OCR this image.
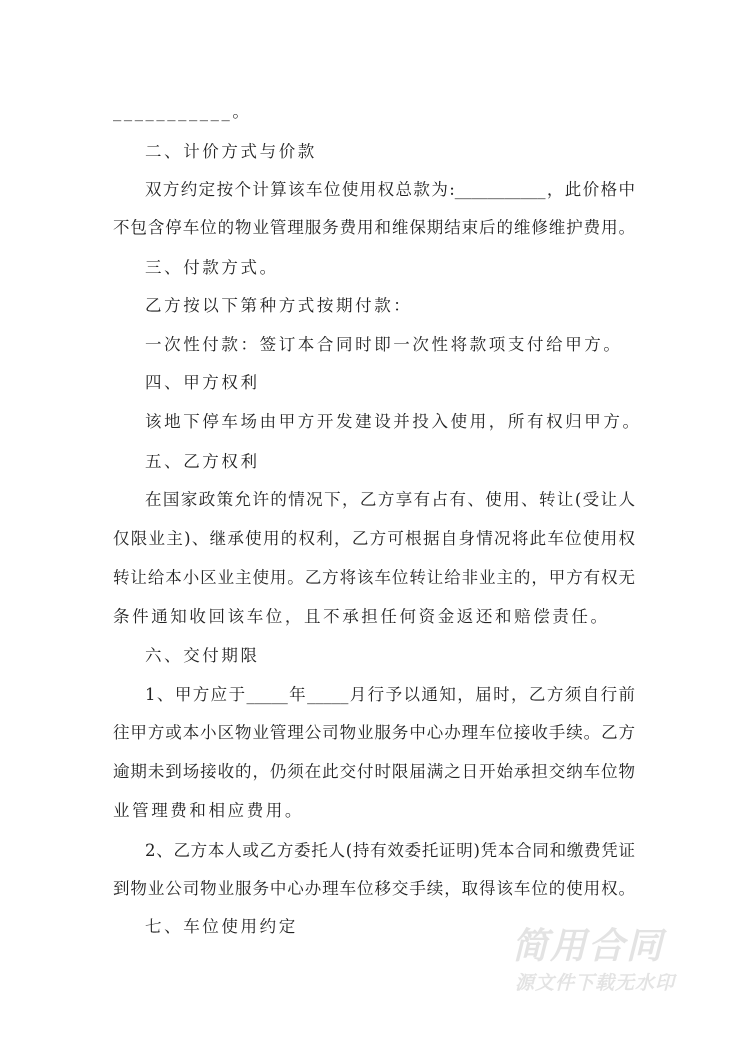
___________。
二、计价方式与价款
双方约定按个计算该车位使用权总款为:___________，此价格中
不包含停车位的物业管理服务费用和维保期结束后的维修维护费用。
三、付款方式。
乙方按以下第种方式按期付款：
一次性付款：签订本合同时即一次性将款项支付给甲方。
四、甲方权利
该地下停车场由甲方开发建设并投入使用，所有权归甲方。
五、乙方权利
在国家政策允许的情况下，乙方享有占有、使用、转让(受让人
仅限业主)、继承使用的权利，乙方可根据自身情况将此车位使用权
转让给本小区业主使用。乙方将该车位转让给非业主的，甲方有权无
条件通知收回该车位，且不承担任何资金返还和赔偿责任。
六、交付期限
1、甲方应于_____年_____月行予以通知，届时，乙方须自行前
往甲方或本小区物业管理公司物业服务中心办理车位接收手续。乙方
逾期未到场接收的，仍须在此交付时限届满之日开始承担交纳车位物
业管理费和相应费用。
2、乙方本人或乙方委托人(持有效委托证明)凭本合同和缴费凭证
到物业公司物业服务中心办理车位移交手续，取得该车位的使用权。
七、车位使用约定	简用合同
源文件下载无水印
